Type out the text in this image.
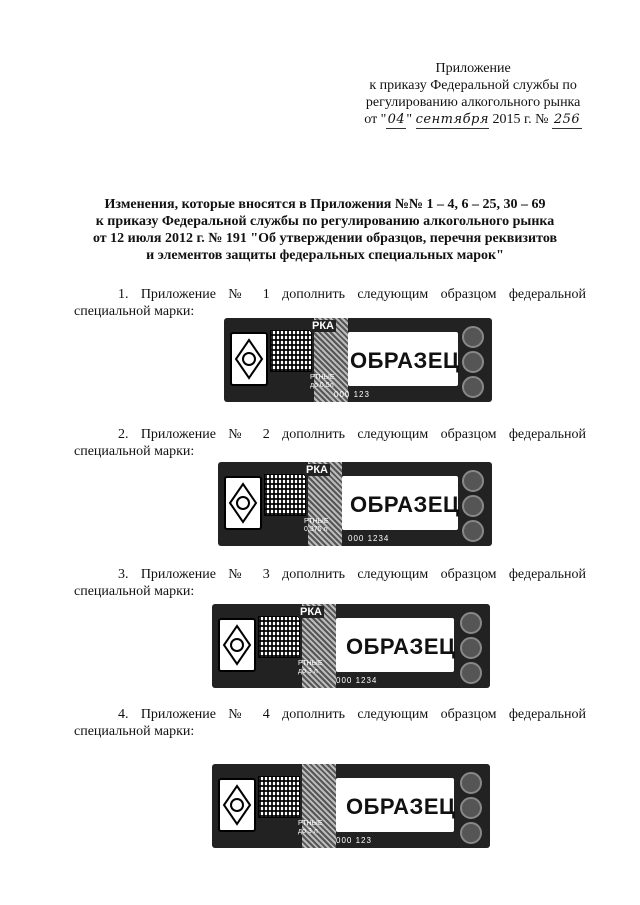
Приложение
к приказу Федеральной службы по
регулированию алкогольного рынка
от "04" сентября 2015 г. № 256
Изменения, которые вносятся в Приложения №№ 1 – 4, 6 – 25, 30 – 69
к приказу Федеральной службы по регулированию алкогольного рынка
от 12 июля 2012 г. № 191 "Об утверждении образцов, перечня реквизитов
и элементов защиты федеральных специальных марок"
1. Приложение № 1 дополнить следующим образцом федеральной
специальной марки:
РКА
РТНЫЕ
до 0,5л
ОБРАЗЕЦ
000 123
2. Приложение № 2 дополнить следующим образцом федеральной
специальной марки:
РКА
РТНЫЕ
0,375 л
ОБРАЗЕЦ
000 1234
3. Приложение № 3 дополнить следующим образцом федеральной
специальной марки:
РКА
РТНЫЕ
до 3 л
ОБРАЗЕЦ
000 1234
4. Приложение № 4 дополнить следующим образцом федеральной
специальной марки:
РТНЫЕ
до 3 л
ОБРАЗЕЦ
000 123
